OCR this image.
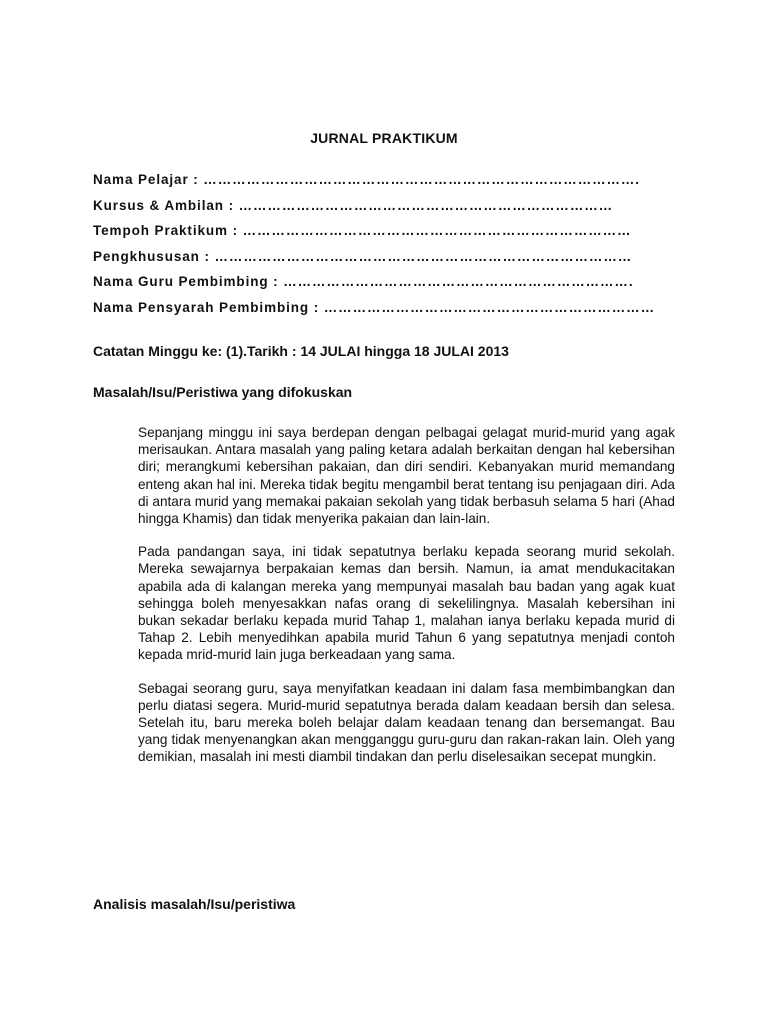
JURNAL PRAKTIKUM
Nama Pelajar : ……………………………………………………………………………….
Kursus & Ambilan : ……………………………………………………………………
Tempoh Praktikum : ………………………………………………………………………
Pengkhususan : ……………………………………………………………………………
Nama Guru Pembimbing : ……………………………………………………………….
Nama Pensyarah Pembimbing : ……………………………………………………………
Catatan Minggu ke: (1).Tarikh : 14 JULAI hingga 18 JULAI 2013
Masalah/Isu/Peristiwa yang difokuskan

Sepanjang minggu ini saya berdepan dengan pelbagai gelagat murid-murid yang agak merisaukan. Antara masalah yang paling ketara adalah berkaitan dengan hal kebersihan diri; merangkumi kebersihan pakaian, dan diri sendiri. Kebanyakan murid memandang enteng akan hal ini. Mereka tidak begitu mengambil berat tentang isu penjagaan diri. Ada di antara murid yang memakai pakaian sekolah yang tidak berbasuh selama 5 hari (Ahad hingga Khamis) dan tidak menyerika pakaian dan lain-lain.

Pada pandangan saya, ini tidak sepatutnya berlaku kepada seorang murid sekolah. Mereka sewajarnya berpakaian kemas dan bersih. Namun, ia amat mendukacitakan apabila ada di kalangan mereka yang mempunyai masalah bau badan yang agak kuat sehingga boleh menyesakkan nafas orang di sekelilingnya. Masalah kebersihan ini bukan sekadar berlaku kepada murid Tahap 1, malahan ianya berlaku kepada murid di Tahap 2. Lebih menyedihkan apabila murid Tahun 6 yang sepatutnya menjadi contoh kepada mrid-murid lain juga berkeadaan yang sama.

Sebagai seorang guru, saya menyifatkan keadaan ini dalam fasa membimbangkan dan perlu diatasi segera. Murid-murid sepatutnya berada dalam keadaan bersih dan selesa. Setelah itu, baru mereka boleh belajar dalam keadaan tenang dan bersemangat. Bau yang tidak menyenangkan akan mengganggu guru-guru dan rakan-rakan lain. Oleh yang demikian, masalah ini mesti diambil tindakan dan perlu diselesaikan secepat mungkin.

Analisis masalah/Isu/peristiwa
